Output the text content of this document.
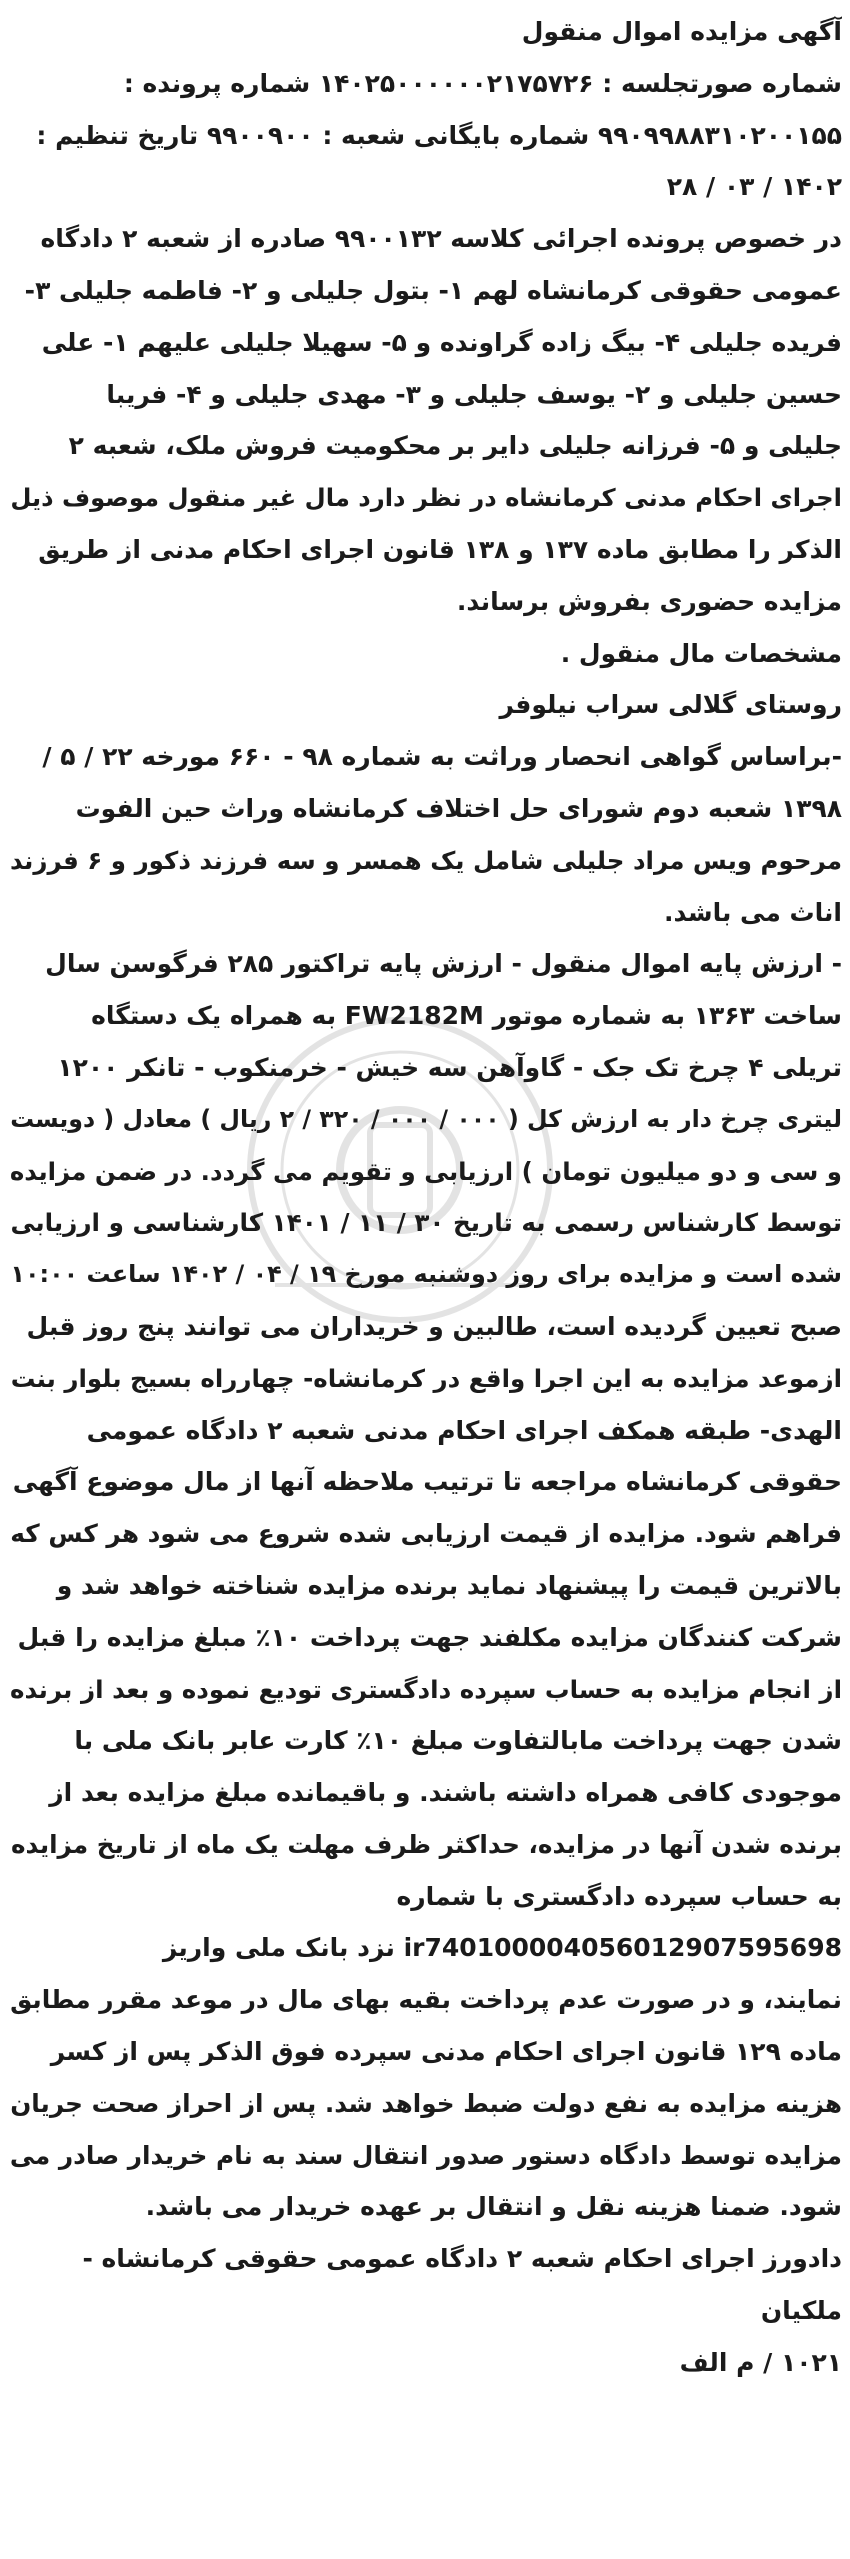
آگهی مزایده اموال منقول
شماره صورتجلسه : ۱۴۰۲۵۰۰۰۰۰۰۲۱۷۵۷۲۶ شماره پرونده :
۹۹۰۹۹۸۸۳۱۰۲۰۰۱۵۵ شماره بایگانی شعبه : ۹۹۰۰۹۰۰ تاریخ تنظیم :
۱۴۰۲ / ۰۳ / ۲۸
در خصوص پرونده اجرائی کلاسه ۹۹۰۰۱۳۲ صادره از شعبه ۲ دادگاه
عمومی حقوقی کرمانشاه لهم ۱- بتول جلیلی و ۲- فاطمه جلیلی ۳-
فریده جلیلی ۴- بیگ زاده گراونده و ۵- سهیلا جلیلی علیهم ۱- علی
حسین جلیلی و ۲- یوسف جلیلی و ۳- مهدی جلیلی و ۴- فریبا
جلیلی و ۵- فرزانه جلیلی دایر بر محکومیت فروش ملک، شعبه ۲
اجرای احکام مدنی کرمانشاه در نظر دارد مال غیر منقول موصوف ذیل
الذکر را مطابق ماده ۱۳۷ و ۱۳۸ قانون اجرای احکام مدنی از طریق
مزایده حضوری بفروش برساند.
مشخصات مال منقول .
روستای گلالی سراب نیلوفر
-براساس گواهی انحصار وراثت به شماره ۹۸ - ۶۶۰ مورخه ۲۲ / ۵ /
۱۳۹۸ شعبه دوم شورای حل اختلاف کرمانشاه وراث حین الفوت
مرحوم ویس مراد جلیلی شامل یک همسر و سه فرزند ذکور و ۶ فرزند
اناث می باشد.
- ارزش پایه اموال منقول - ارزش پایه تراکتور ۲۸۵ فرگوسن سال
ساخت ۱۳۶۳ به شماره موتور FW2182M به همراه یک دستگاه
تریلی ۴ چرخ تک جک - گاوآهن سه خیش - خرمنکوب - تانکر ۱۲۰۰
لیتری چرخ دار به ارزش کل ( ۰۰۰ / ۰۰۰ / ۳۲۰ / ۲ ریال ) معادل ( دویست
و سی و دو میلیون تومان ) ارزیابی و تقویم می گردد. در ضمن مزایده
توسط کارشناس رسمی به تاریخ ۳۰ / ۱۱ / ۱۴۰۱ کارشناسی و ارزیابی
شده است و مزایده برای روز دوشنبه مورخ ۱۹ / ۰۴ / ۱۴۰۲ ساعت ۱۰:۰۰
صبح تعیین گردیده است، طالبین و خریداران می توانند پنج روز قبل
ازموعد مزایده به این اجرا واقع در کرمانشاه- چهارراه بسیج بلوار بنت
الهدی- طبقه همکف اجرای احکام مدنی شعبه ۲ دادگاه عمومی
حقوقی کرمانشاه مراجعه تا ترتیب ملاحظه آنها از مال موضوع آگهی
فراهم شود. مزایده از قیمت ارزیابی شده شروع می شود هر کس که
بالاترین قیمت را پیشنهاد نماید برنده مزایده شناخته خواهد شد و
شرکت کنندگان مزایده مکلفند جهت پرداخت ۱۰٪ مبلغ مزایده را قبل
از انجام مزایده به حساب سپرده دادگستری تودیع نموده و بعد از برنده
شدن جهت پرداخت مابالتفاوت مبلغ ۱۰٪ کارت عابر بانک ملی با
موجودی کافی همراه داشته باشند. و باقیمانده مبلغ مزایده بعد از
برنده شدن آنها در مزایده، حداکثر ظرف مهلت یک ماه از تاریخ مزایده
به حساب سپرده دادگستری با شماره
ir740100004056012907595698 نزد بانک ملی واریز
نمایند، و در صورت عدم پرداخت بقیه بهای مال در موعد مقرر مطابق
ماده ۱۲۹ قانون اجرای احکام مدنی سپرده فوق الذکر پس از کسر
هزینه مزایده به نفع دولت ضبط خواهد شد. پس از احراز صحت جریان
مزایده توسط دادگاه دستور صدور انتقال سند به نام خریدار صادر می
شود. ضمنا هزینه نقل و انتقال بر عهده خریدار می باشد.
دادورز اجرای احکام شعبه ۲ دادگاه عمومی حقوقی کرمانشاه -
ملکیان
۱۰۲۱ / م الف
